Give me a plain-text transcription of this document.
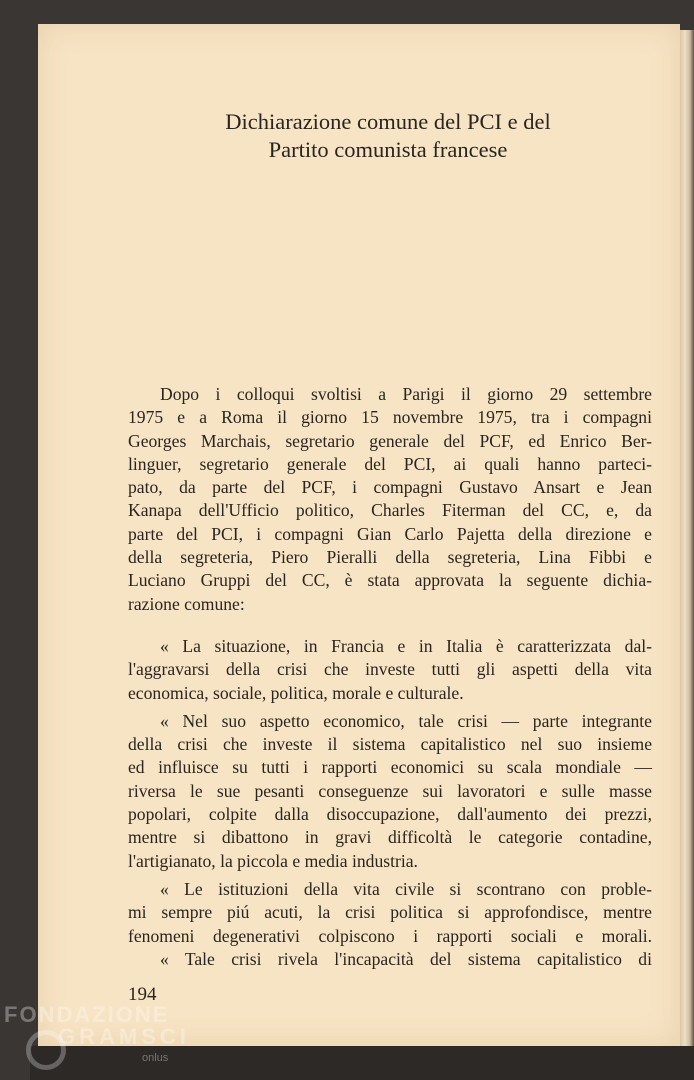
Dichiarazione comune del PCI e del
Partito comunista francese
Dopo i colloqui svoltisi a Parigi il giorno 29 settembre
1975 e a Roma il giorno 15 novembre 1975, tra i compagni
Georges Marchais, segretario generale del PCF, ed Enrico Ber-
linguer, segretario generale del PCI, ai quali hanno parteci-
pato, da parte del PCF, i compagni Gustavo Ansart e Jean
Kanapa dell'Ufficio politico, Charles Fiterman del CC, e, da
parte del PCI, i compagni Gian Carlo Pajetta della direzione e
della segreteria, Piero Pieralli della segreteria, Lina Fibbi e
Luciano Gruppi del CC, è stata approvata la seguente dichia-
razione comune:
« La situazione, in Francia e in Italia è caratterizzata dal-
l'aggravarsi della crisi che investe tutti gli aspetti della vita
economica, sociale, politica, morale e culturale.
« Nel suo aspetto economico, tale crisi — parte integrante
della crisi che investe il sistema capitalistico nel suo insieme
ed influisce su tutti i rapporti economici su scala mondiale —
riversa le sue pesanti conseguenze sui lavoratori e sulle masse
popolari, colpite dalla disoccupazione, dall'aumento dei prezzi,
mentre si dibattono in gravi difficoltà le categorie contadine,
l'artigianato, la piccola e media industria.
« Le istituzioni della vita civile si scontrano con proble-
mi sempre piú acuti, la crisi politica si approfondisce, mentre
fenomeni degenerativi colpiscono i rapporti sociali e morali.
« Tale crisi rivela l'incapacità del sistema capitalistico di
194
FONDAZIONE
GRAMSCI
onlus
